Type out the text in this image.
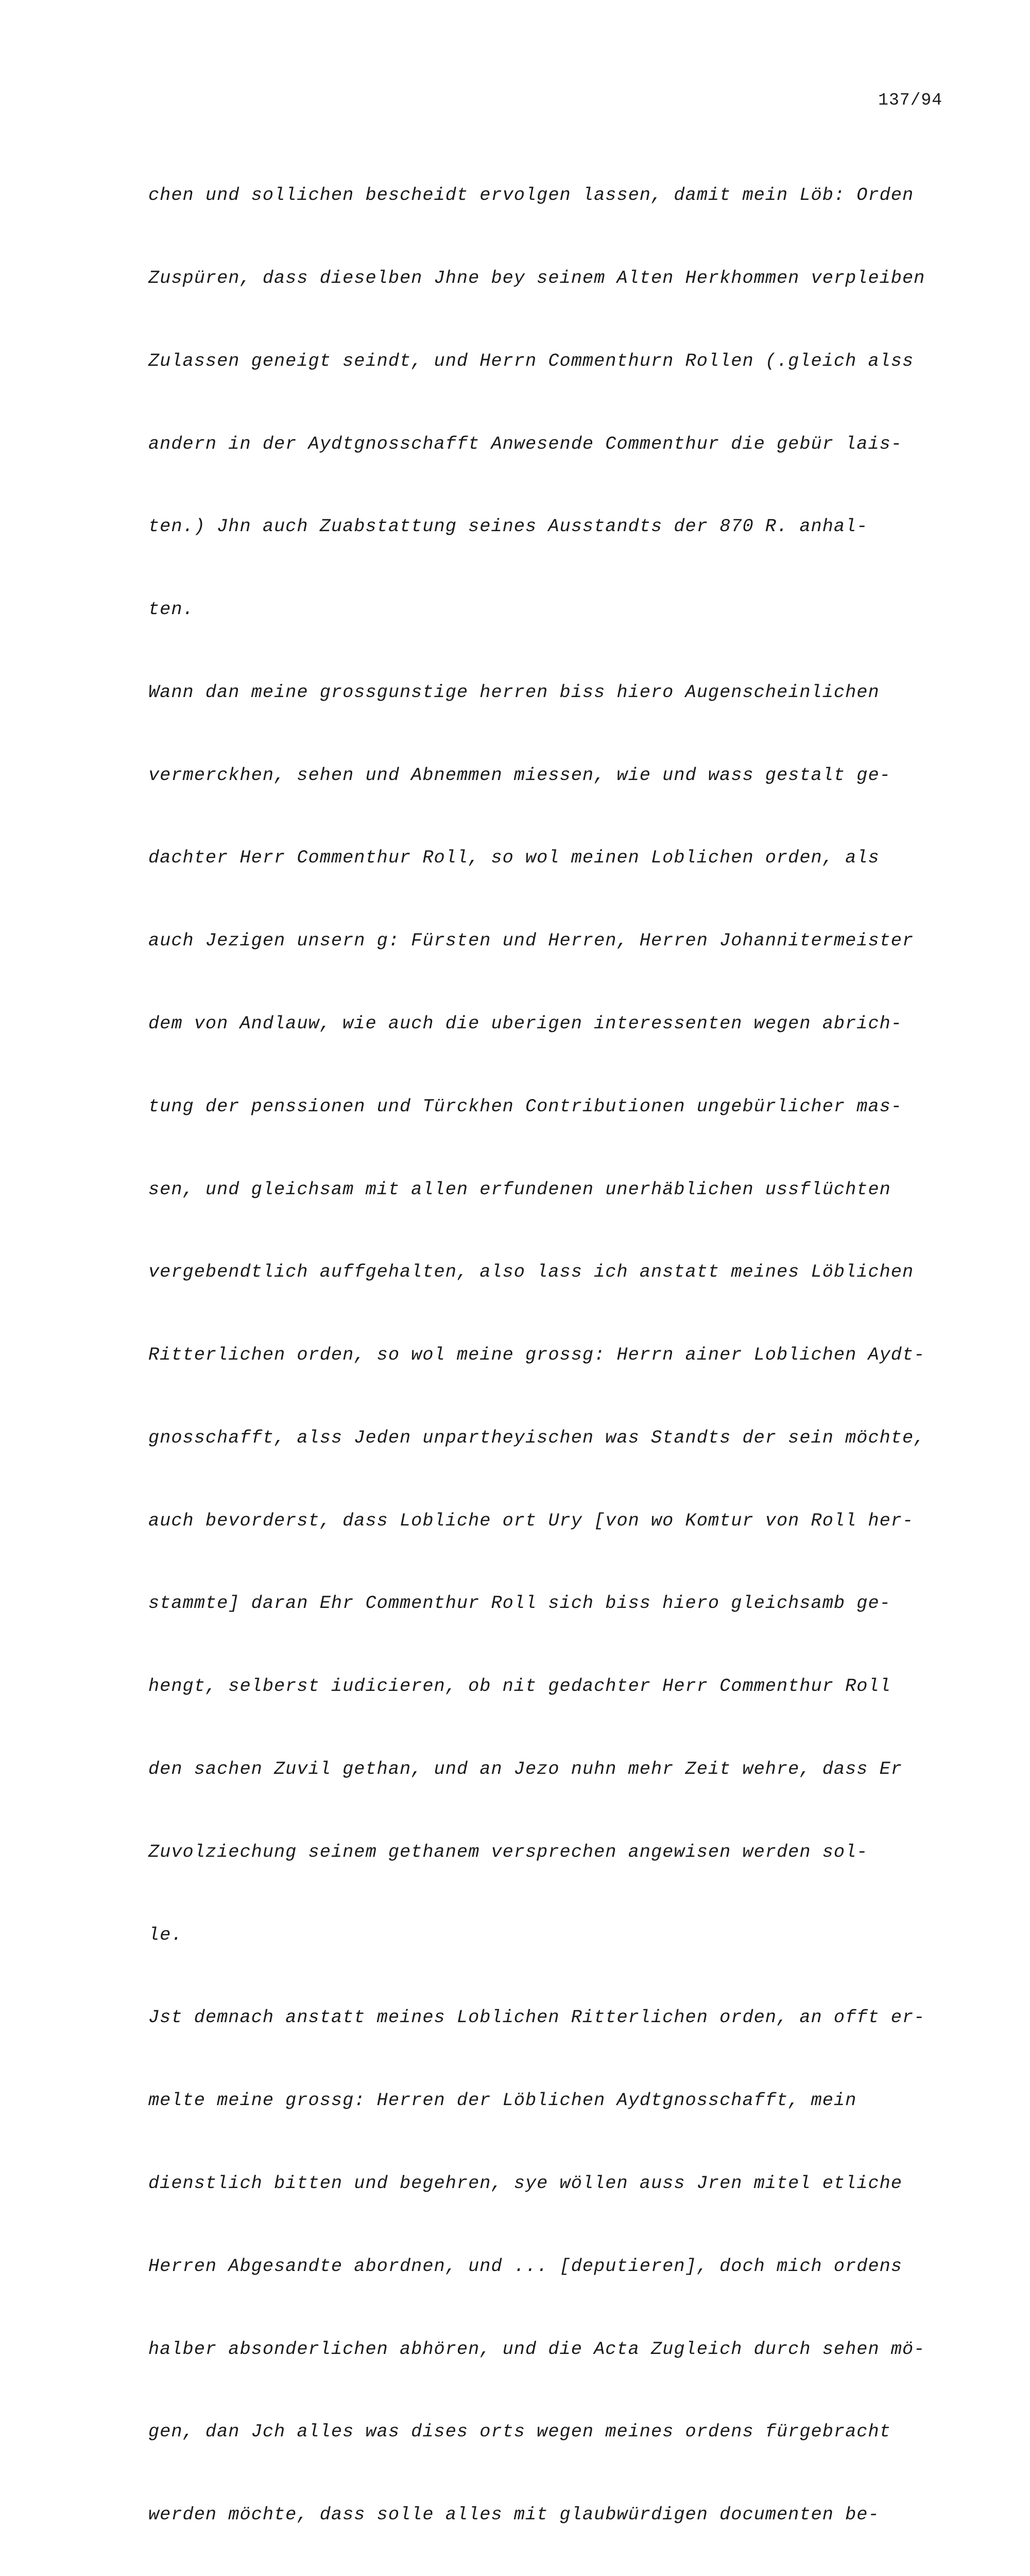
137/94

chen und sollichen bescheidt ervolgen lassen, damit mein Löb: Orden

Zuspüren, dass dieselben Jhne bey seinem Alten Herkhommen verpleiben

Zulassen geneigt seindt, und Herrn Commenthurn Rollen (.gleich alss

andern in der Aydtgnosschafft Anwesende Commenthur die gebür lais-

ten.) Jhn auch Zuabstattung seines Ausstandts der 870 R. anhal-

ten.

Wann dan meine grossgunstige herren biss hiero Augenscheinlichen

vermerckhen, sehen und Abnemmen miessen, wie und wass gestalt ge-

dachter Herr Commenthur Roll, so wol meinen Loblichen orden, als

auch Jezigen unsern g: Fürsten und Herren, Herren Johannitermeister

dem von Andlauw, wie auch die uberigen interessenten wegen abrich-

tung der penssionen und Türckhen Contributionen ungebürlicher mas-

sen, und gleichsam mit allen erfundenen unerhäblichen ussflüchten

vergebendtlich auffgehalten, also lass ich anstatt meines Löblichen

Ritterlichen orden, so wol meine grossg: Herrn ainer Loblichen Aydt-

gnosschafft, alss Jeden unpartheyischen was Standts der sein möchte,

auch bevorderst, dass Lobliche ort Ury [von wo Komtur von Roll her-

stammte] daran Ehr Commenthur Roll sich biss hiero gleichsamb ge-

hengt, selberst iudicieren, ob nit gedachter Herr Commenthur Roll

den sachen Zuvil gethan, und an Jezo nuhn mehr Zeit wehre, dass Er

Zuvolziechung seinem gethanem versprechen angewisen werden sol-

le.

Jst demnach anstatt meines Loblichen Ritterlichen orden, an offt er-

melte meine grossg: Herren der Löblichen Aydtgnosschafft, mein

dienstlich bitten und begehren, sye wöllen auss Jren mitel etliche

Herren Abgesandte abordnen, und ... [deputieren], doch mich ordens

halber absonderlichen abhören, und die Acta Zugleich durch sehen mö-

gen, dan Jch alles was dises orts wegen meines ordens fürgebracht

werden möchte, dass solle alles mit glaubwürdigen documenten be-
